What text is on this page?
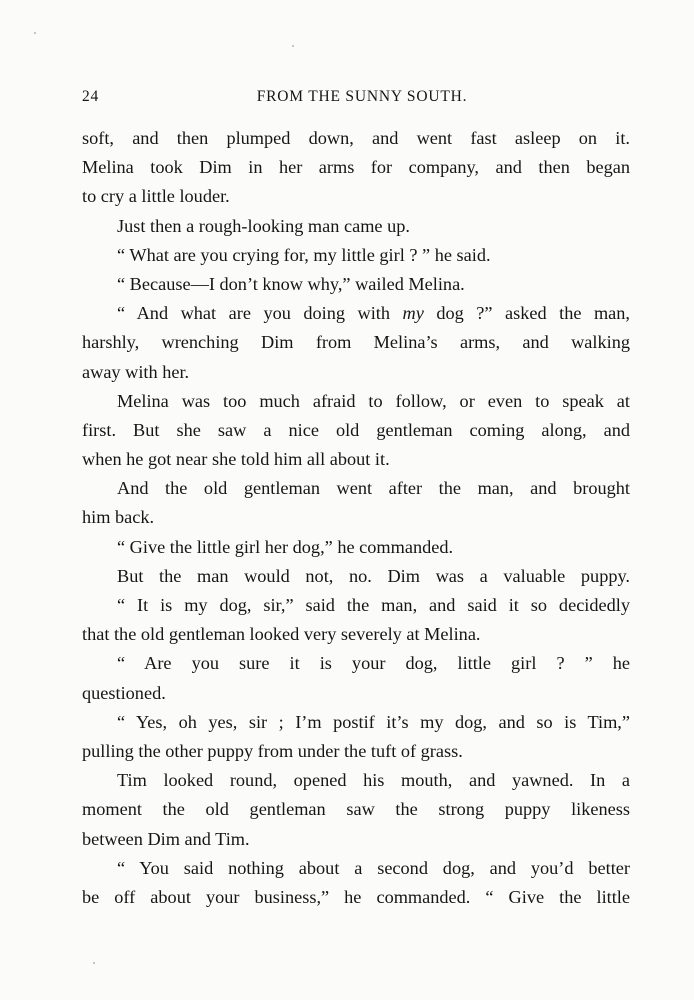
24	FROM THE SUNNY SOUTH.
soft, and then plumped down, and went fast asleep on it.
Melina took Dim in her arms for company, and then began
to cry a little louder.
Just then a rough-looking man came up.
“ What are you crying for, my little girl ? ” he said.
“ Because—I don’t know why,” wailed Melina.
“ And what are you doing with my dog ?” asked the man,
harshly, wrenching Dim from Melina’s arms, and walking
away with her.
Melina was too much afraid to follow, or even to speak at
first. But she saw a nice old gentleman coming along, and
when he got near she told him all about it.
And the old gentleman went after the man, and brought
him back.
“ Give the little girl her dog,” he commanded.
But the man would not, no. Dim was a valuable puppy.
“ It is my dog, sir,” said the man, and said it so decidedly
that the old gentleman looked very severely at Melina.
“ Are you sure it is your dog, little girl ? ” he
questioned.
“ Yes, oh yes, sir ; I’m postif it’s my dog, and so is Tim,”
pulling the other puppy from under the tuft of grass.
Tim looked round, opened his mouth, and yawned. In a
moment the old gentleman saw the strong puppy likeness
between Dim and Tim.
“ You said nothing about a second dog, and you’d better
be off about your business,” he commanded. “ Give the little
